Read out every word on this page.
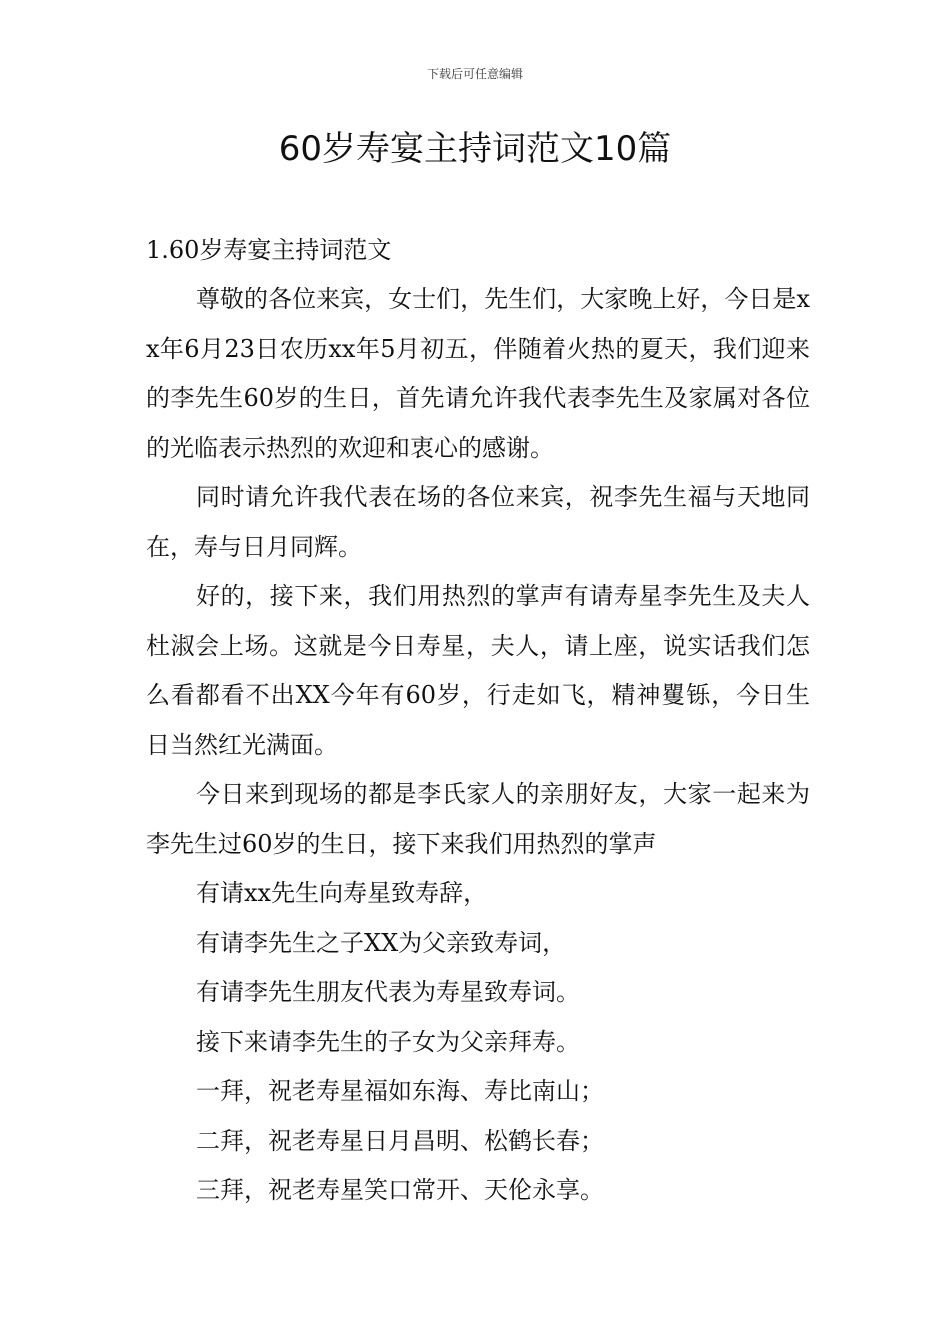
下载后可任意编辑
60岁寿宴主持词范文10篇

1.60岁寿宴主持词范文

尊敬的各位来宾，女士们，先生们，大家晚上好，今日是xx年6月23日农历xx年5月初五，伴随着火热的夏天，我们迎来的李先生60岁的生日，首先请允许我代表李先生及家属对各位的光临表示热烈的欢迎和衷心的感谢。

同时请允许我代表在场的各位来宾，祝李先生福与天地同在，寿与日月同辉。

好的，接下来，我们用热烈的掌声有请寿星李先生及夫人杜淑会上场。这就是今日寿星，夫人，请上座，说实话我们怎么看都看不出XX今年有60岁，行走如飞，精神矍铄，今日生日当然红光满面。

今日来到现场的都是李氏家人的亲朋好友，大家一起来为李先生过60岁的生日，接下来我们用热烈的掌声

有请xx先生向寿星致寿辞，

有请李先生之子XX为父亲致寿词，

有请李先生朋友代表为寿星致寿词。

接下来请李先生的子女为父亲拜寿。

一拜，祝老寿星福如东海、寿比南山；

二拜，祝老寿星日月昌明、松鹤长春；

三拜，祝老寿星笑口常开、天伦永享。
